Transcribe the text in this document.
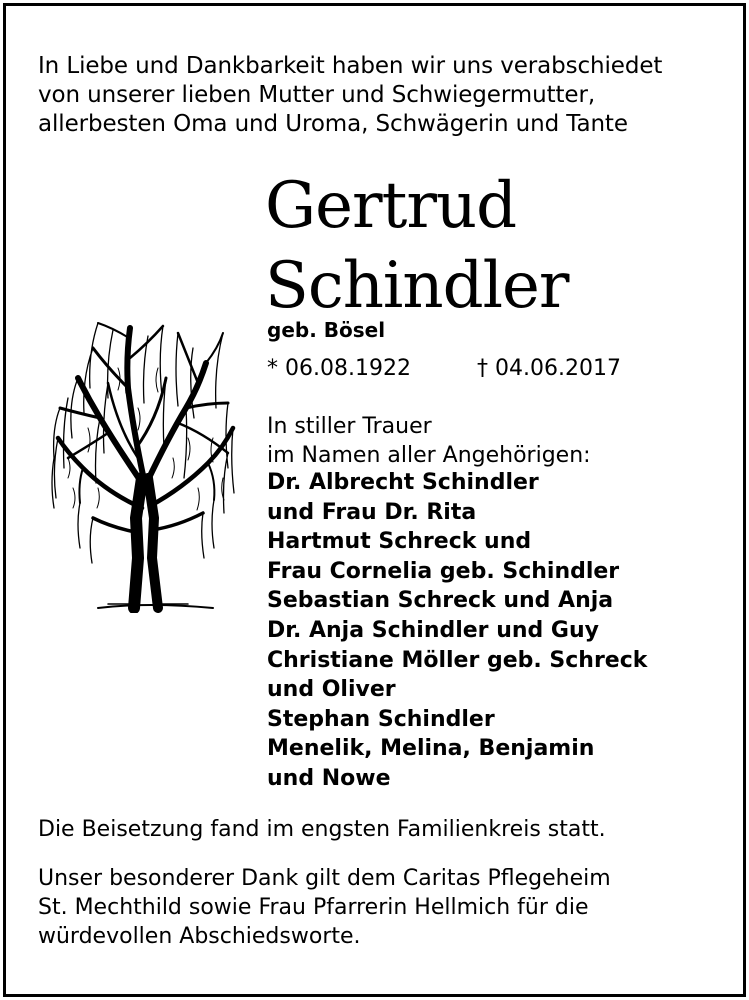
In Liebe und Dankbarkeit haben wir uns verabschiedet
von unserer lieben Mutter und Schwiegermutter,
allerbesten Oma und Uroma, Schwägerin und Tante
Gertrud
Schindler
geb. Bösel
* 06.08.1922	† 04.06.2017
In stiller Trauer
im Namen aller Angehörigen:
Dr. Albrecht Schindler
und Frau Dr. Rita
Hartmut Schreck und
Frau Cornelia geb. Schindler
Sebastian Schreck und Anja
Dr. Anja Schindler und Guy
Christiane Möller geb. Schreck
und Oliver
Stephan Schindler
Menelik, Melina, Benjamin
und Nowe
Die Beisetzung fand im engsten Familienkreis statt.
Unser besonderer Dank gilt dem Caritas Pflegeheim
St. Mechthild sowie Frau Pfarrerin Hellmich für die
würdevollen Abschiedsworte.
